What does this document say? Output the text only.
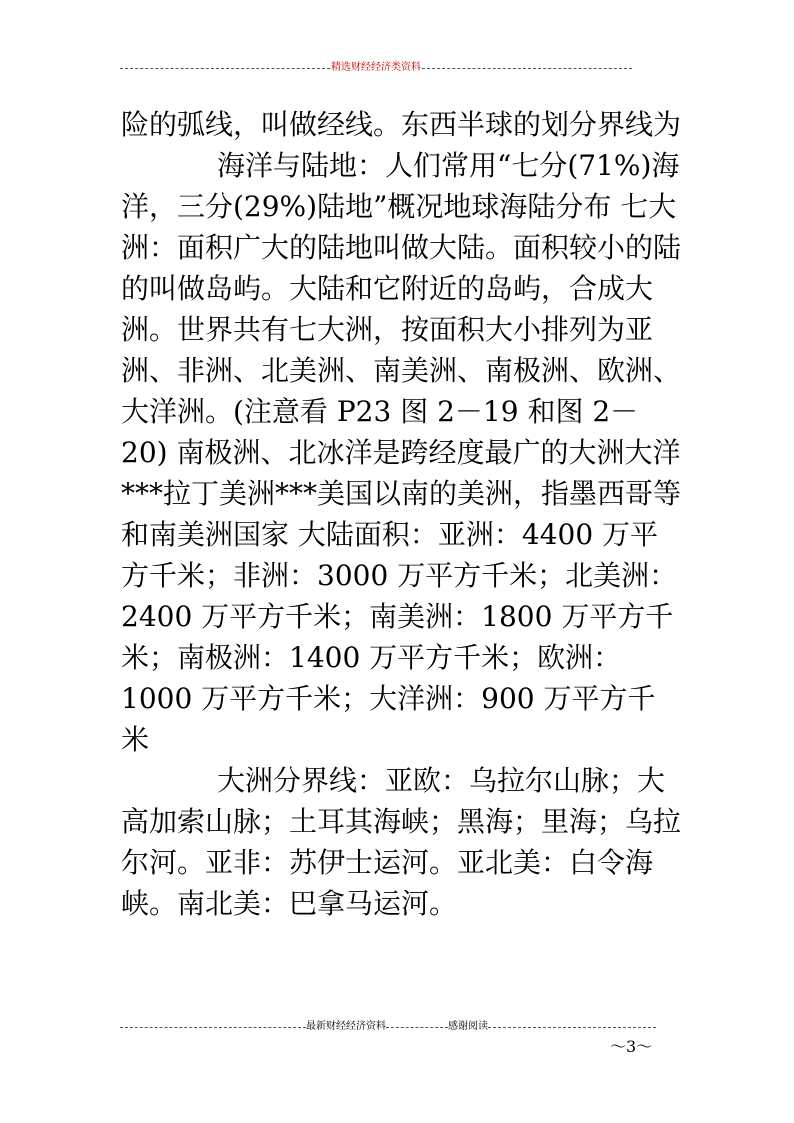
精选财经经济类资料

险的弧线，叫做经线。东西半球的划分界线为

海洋与陆地：人们常用“七分(71%)海洋，三分(29%)陆地”概况地球海陆分布 七大洲：面积广大的陆地叫做大陆。面积较小的陆的叫做岛屿。大陆和它附近的岛屿，合成大洲。世界共有七大洲，按面积大小排列为亚洲、非洲、北美洲、南美洲、南极洲、欧洲、大洋洲。(注意看 P23 图 2－19 和图 2－20) 南极洲、北冰洋是跨经度最广的大洲大洋 ***拉丁美洲***美国以南的美洲，指墨西哥等和南美洲国家 大陆面积：亚洲：4400 万平方千米；非洲：3000 万平方千米；北美洲：2400 万平方千米；南美洲：1800 万平方千米；南极洲：1400 万平方千米；欧洲：1000 万平方千米；大洋洲：900 万平方千米

大洲分界线：亚欧：乌拉尔山脉；大高加索山脉；土耳其海峡；黑海；里海；乌拉尔河。亚非：苏伊士运河。亚北美：白令海峡。南北美：巴拿马运河。

最新财经经济资料	感谢阅读
～3～
